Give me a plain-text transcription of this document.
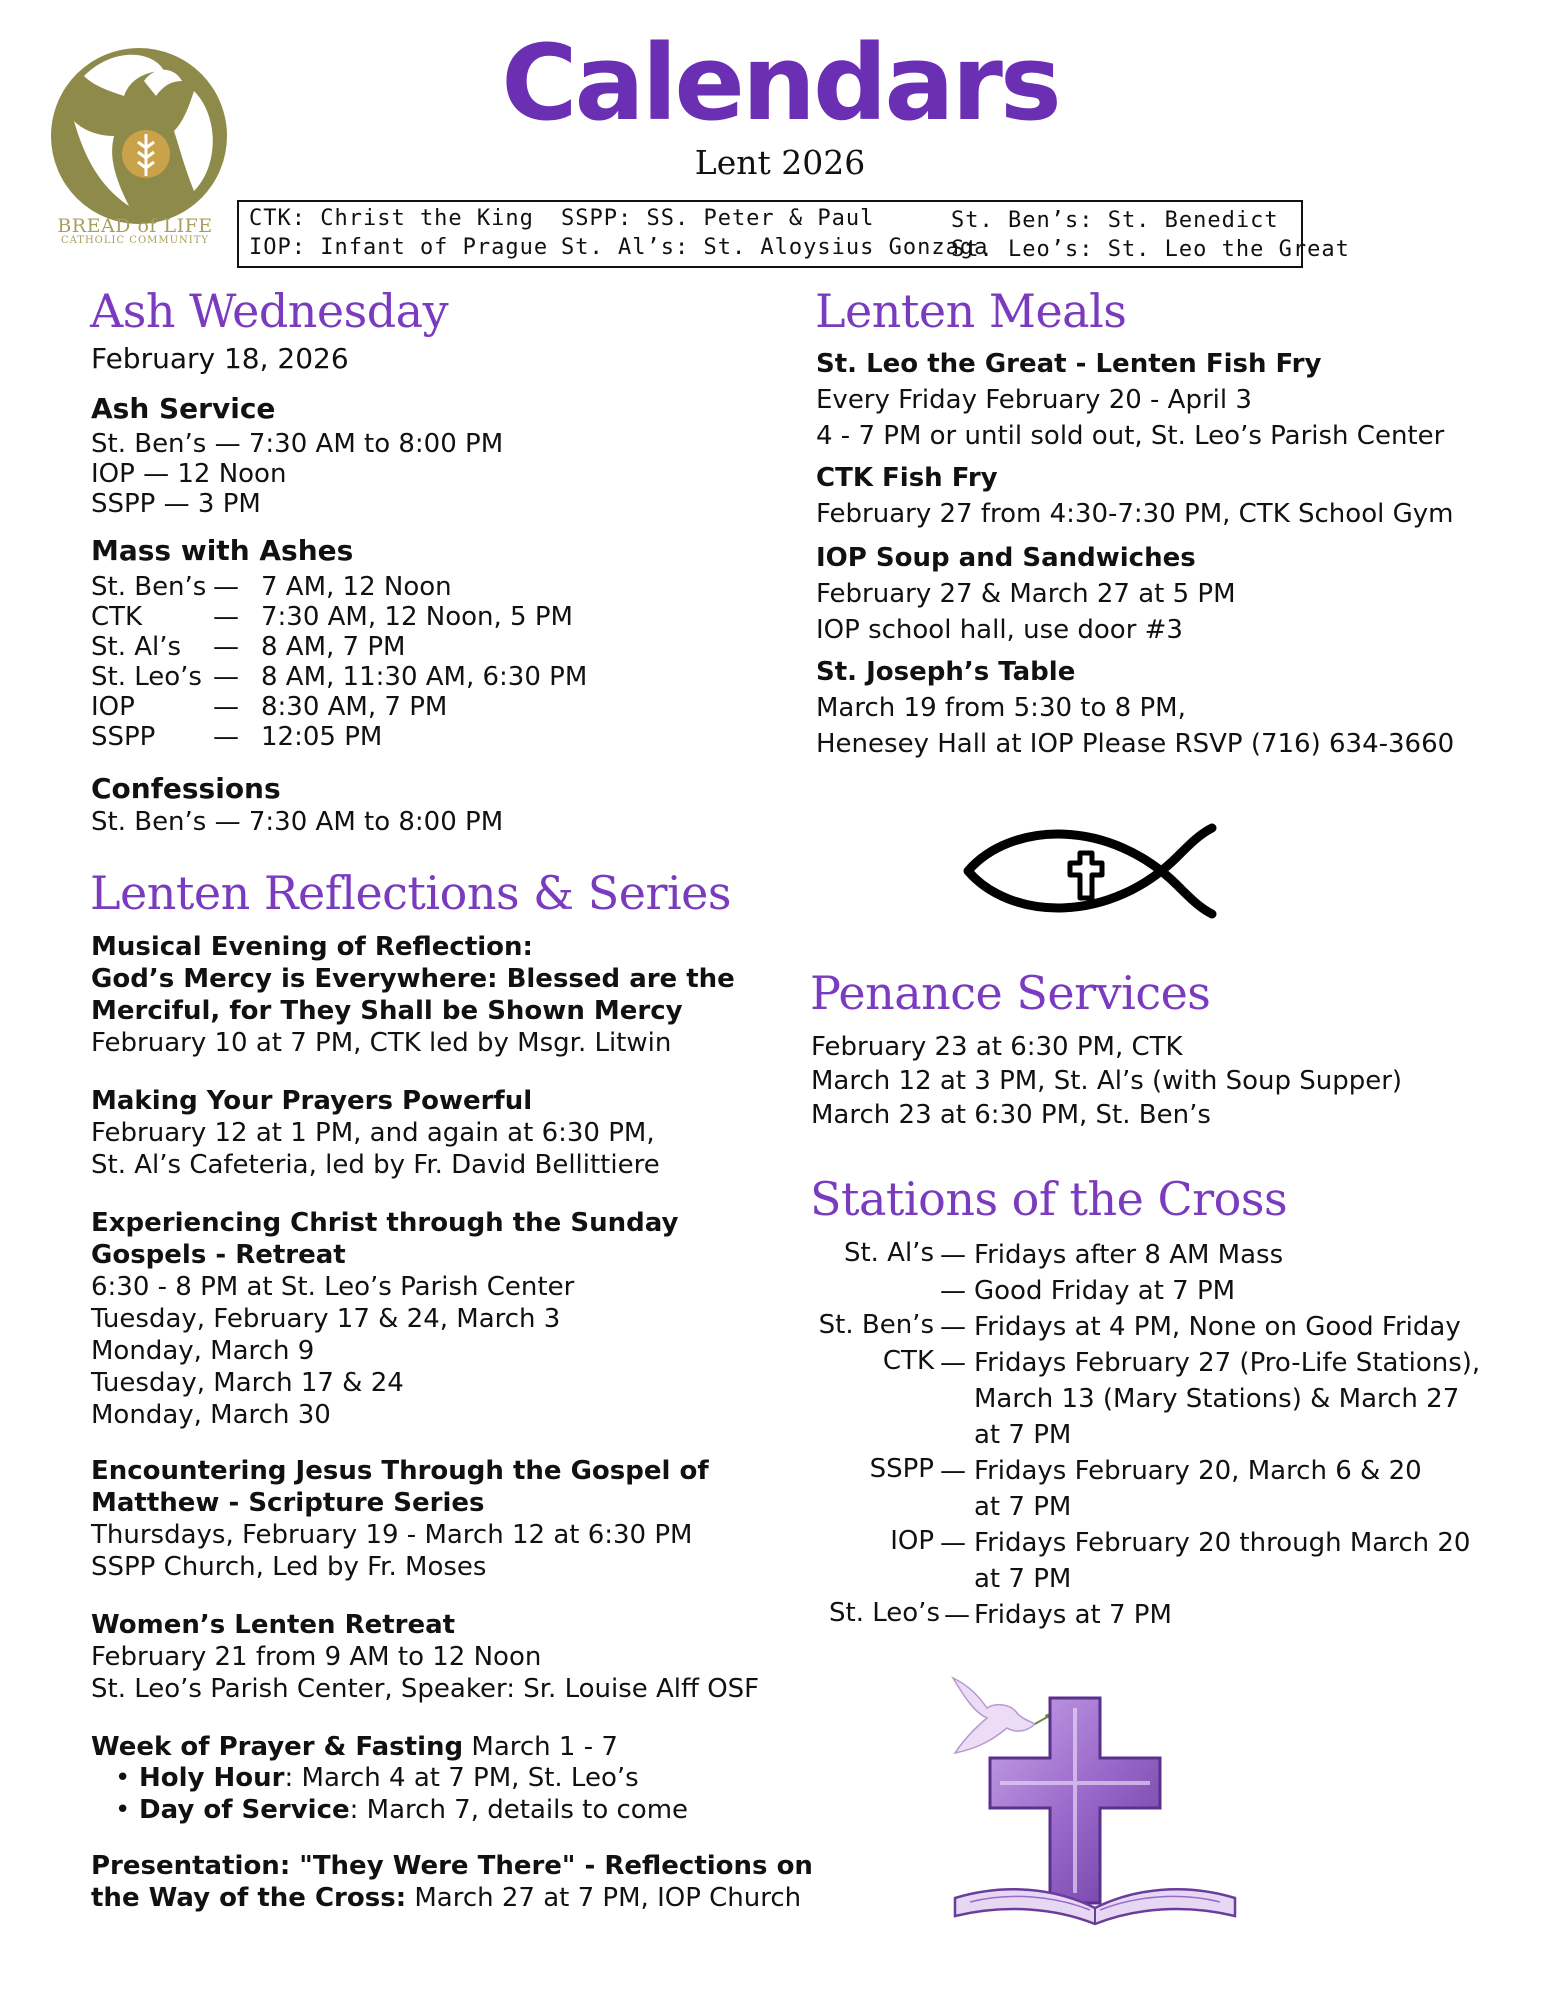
BREAD of LIFE
CATHOLIC COMMUNITY
Calendars
Lent 2026
CTK: Christ the King
IOP: Infant of Prague
SSPP: SS. Peter & Paul
St. Al’s: St. Aloysius Gonzaga
St. Ben’s: St. Benedict
St. Leo’s: St. Leo the Great
Ash Wednesday
February 18, 2026
Ash Service
St. Ben’s — 7:30 AM to 8:00 PM
IOP — 12 Noon
SSPP — 3 PM
Mass with Ashes
St. Ben’s — 7 AM, 12 Noon
CTK	— 7:30 AM, 12 Noon, 5 PM
St. Al’s — 8 AM, 7 PM
St. Leo’s — 8 AM, 11:30 AM, 6:30 PM
IOP	— 8:30 AM, 7 PM
SSPP — 12:05 PM
Confessions
St. Ben’s — 7:30 AM to 8:00 PM
Lenten Reflections & Series
Musical Evening of Reflection:
God’s Mercy is Everywhere: Blessed are the
Merciful, for They Shall be Shown Mercy
February 10 at 7 PM, CTK led by Msgr. Litwin
Making Your Prayers Powerful
February 12 at 1 PM, and again at 6:30 PM,
St. Al’s Cafeteria, led by Fr. David Bellittiere
Experiencing Christ through the Sunday
Gospels - Retreat
6:30 - 8 PM at St. Leo’s Parish Center
Tuesday, February 17 & 24, March 3
Monday, March 9
Tuesday, March 17 & 24
Monday, March 30
Encountering Jesus Through the Gospel of
Matthew - Scripture Series
Thursdays, February 19 - March 12 at 6:30 PM
SSPP Church, Led by Fr. Moses
Women’s Lenten Retreat
February 21 from 9 AM to 12 Noon
St. Leo’s Parish Center, Speaker: Sr. Louise Alff OSF
Week of Prayer & Fasting March 1 - 7
• Holy Hour: March 4 at 7 PM, St. Leo’s
• Day of Service: March 7, details to come
Presentation: "They Were There" - Reflections on
the Way of the Cross: March 27 at 7 PM, IOP Church
Lenten Meals
St. Leo the Great - Lenten Fish Fry
Every Friday February 20 - April 3
4 - 7 PM or until sold out, St. Leo’s Parish Center
CTK Fish Fry
February 27 from 4:30-7:30 PM, CTK School Gym
IOP Soup and Sandwiches
February 27 & March 27 at 5 PM
IOP school hall, use door #3
St. Joseph’s Table
March 19 from 5:30 to 8 PM,
Henesey Hall at IOP Please RSVP (716) 634-3660
Penance Services
February 23 at 6:30 PM, CTK
March 12 at 3 PM, St. Al’s (with Soup Supper)
March 23 at 6:30 PM, St. Ben’s
Stations of the Cross
St. Al’s — Fridays after 8 AM Mass
— Good Friday at 7 PM
St. Ben’s — Fridays at 4 PM, None on Good Friday
CTK — Fridays February 27 (Pro-Life Stations),
March 13 (Mary Stations) & March 27
at 7 PM
SSPP — Fridays February 20, March 6 & 20
at 7 PM
IOP — Fridays February 20 through March 20
at 7 PM
St. Leo’s — Fridays at 7 PM
